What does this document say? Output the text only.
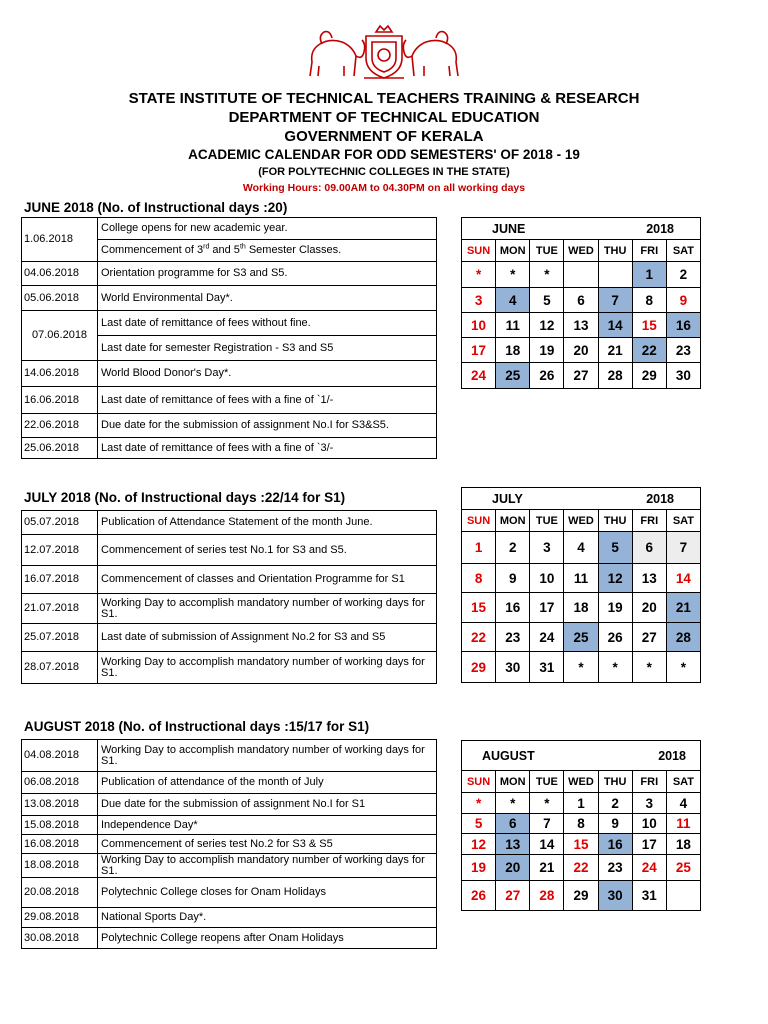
STATE INSTITUTE OF TECHNICAL TEACHERS TRAINING & RESEARCH
DEPARTMENT OF TECHNICAL EDUCATION
GOVERNMENT OF KERALA
ACADEMIC CALENDAR FOR ODD SEMESTERS' OF 2018 - 19
(FOR POLYTECHNIC COLLEGES IN THE STATE)
Working Hours: 09.00AM to 04.30PM on all working days
JUNE 2018 (No. of Instructional days :20)
1.06.2018	College opens for new academic year.
	Commencement of 3rd and 5th Semester Classes.
04.06.2018	Orientation programme for S3 and S5.
05.06.2018	World Environmental Day*.
07.06.2018	Last date of remittance of fees without fine.
	Last date for semester Registration - S3 and S5
14.06.2018	World Blood Donor's Day*.
16.06.2018	Last date of remittance of fees with a fine of `1/-
22.06.2018	Due date for the submission of assignment No.I for S3&S5.
25.06.2018	Last date of remittance of fees with a fine of `3/-
JUNE 2018						

SUN	MON	TUE	WED	THU	FRI	SAT
*	*	*			1	2
3	4	5	6	7	8	9
10	11	12	13	14	15	16
17	18	19	20	21	22	23
24	25	26	27	28	29	30
JULY 2018 (No. of Instructional days :22/14 for S1)
05.07.2018	Publication of Attendance Statement of the month June.
12.07.2018	Commencement of series test No.1 for S3 and S5.
16.07.2018	Commencement of classes and Orientation Programme for S1
21.07.2018	Working Day to accomplish mandatory number of working days for S1.
25.07.2018	Last date of submission of Assignment No.2 for S3 and S5
28.07.2018	Working Day to accomplish mandatory number of working days for S1.
JULY 2018						

SUN	MON	TUE	WED	THU	FRI	SAT
1	2	3	4	5	6	7
8	9	10	11	12	13	14
15	16	17	18	19	20	21
22	23	24	25	26	27	28
29	30	31	*	*	*	*
AUGUST 2018 (No. of Instructional days :15/17 for S1)
04.08.2018	Working Day to accomplish mandatory number of working days for S1.
06.08.2018	Publication of attendance of the month of July
13.08.2018	Due date for the submission of assignment No.I for S1
15.08.2018	Independence Day*
16.08.2018	Commencement of series test No.2 for S3 & S5
18.08.2018	Working Day to accomplish mandatory number of working days for S1.
20.08.2018	Polytechnic College closes for Onam Holidays
29.08.2018	National Sports Day*.
30.08.2018	Polytechnic College reopens after Onam Holidays
AUGUST 2018						

SUN	MON	TUE	WED	THU	FRI	SAT
*	*	*	1	2	3	4
5	6	7	8	9	10	11
12	13	14	15	16	17	18
19	20	21	22	23	24	25
26	27	28	29	30	31	
